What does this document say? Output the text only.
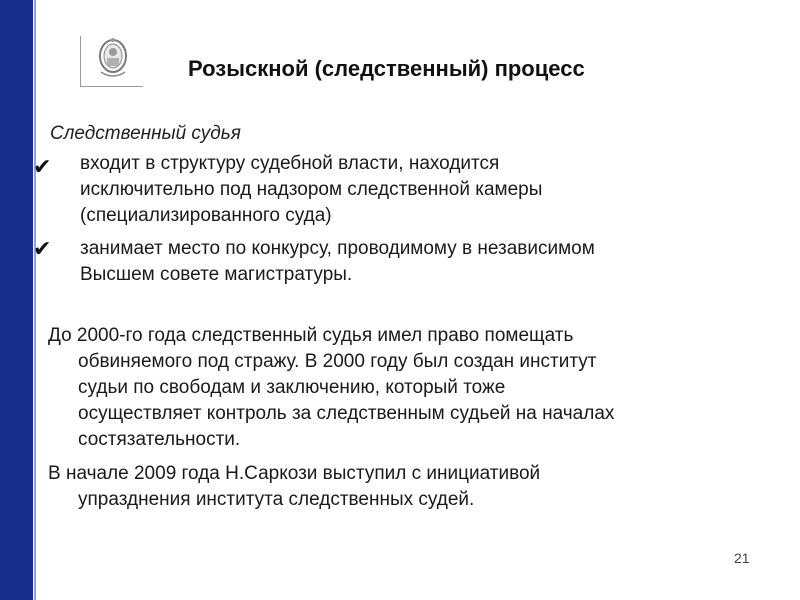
Розыскной (следственный) процесс
Следственный судья
✔ входит в структуру судебной власти, находится
исключительно под надзором следственной камеры
(специализированного суда)
✔ занимает место по конкурсу, проводимому в независимом
Высшем совете магистратуры.
До 2000-го года следственный судья имел право помещать
обвиняемого под стражу. В 2000 году был создан институт
судьи по свободам и заключению, который тоже
осуществляет контроль за следственным судьей на началах
состязательности.
В начале 2009 года Н.Саркози выступил с инициативой
упразднения института следственных судей.
21
